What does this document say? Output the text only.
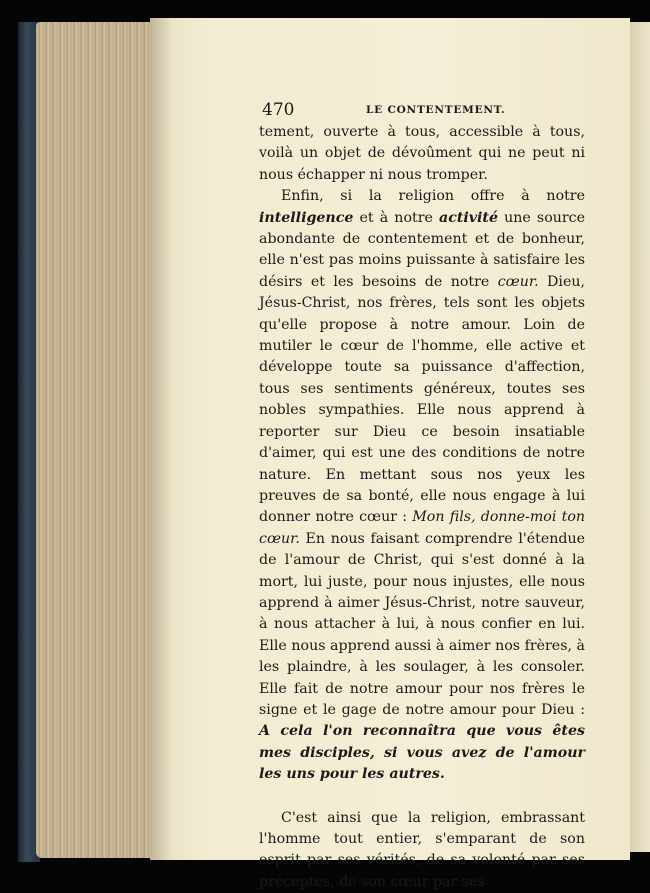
470	LE CONTENTEMENT.

tement, ouverte à tous, accessible à tous, voilà un objet de dévoûment qui ne peut ni nous échapper ni nous tromper.

Enfin, si la religion offre à notre intelligence et à notre activité une source abondante de contentement et de bonheur, elle n'est pas moins puissante à satisfaire les désirs et les besoins de notre cœur. Dieu, Jésus-Christ, nos frères, tels sont les objets qu'elle propose à notre amour. Loin de mutiler le cœur de l'homme, elle active et développe toute sa puissance d'affection, tous ses sentiments généreux, toutes ses nobles sympathies. Elle nous apprend à reporter sur Dieu ce besoin insatiable d'aimer, qui est une des conditions de notre nature. En mettant sous nos yeux les preuves de sa bonté, elle nous engage à lui donner notre cœur : Mon fils, donne-moi ton cœur. En nous faisant comprendre l'étendue de l'amour de Christ, qui s'est donné à la mort, lui juste, pour nous injustes, elle nous apprend à aimer Jésus-Christ, notre sauveur, à nous attacher à lui, à nous confier en lui. Elle nous apprend aussi à aimer nos frères, à les plaindre, à les soulager, à les consoler. Elle fait de notre amour pour nos frères le signe et le gage de notre amour pour Dieu : A cela l'on reconnaîtra que vous êtes mes disciples, si vous avez de l'amour les uns pour les autres.

C'est ainsi que la religion, embrassant l'homme tout entier, s'emparant de son esprit par ses vérités, de sa volonté par ses préceptes, de son cœur par ses
